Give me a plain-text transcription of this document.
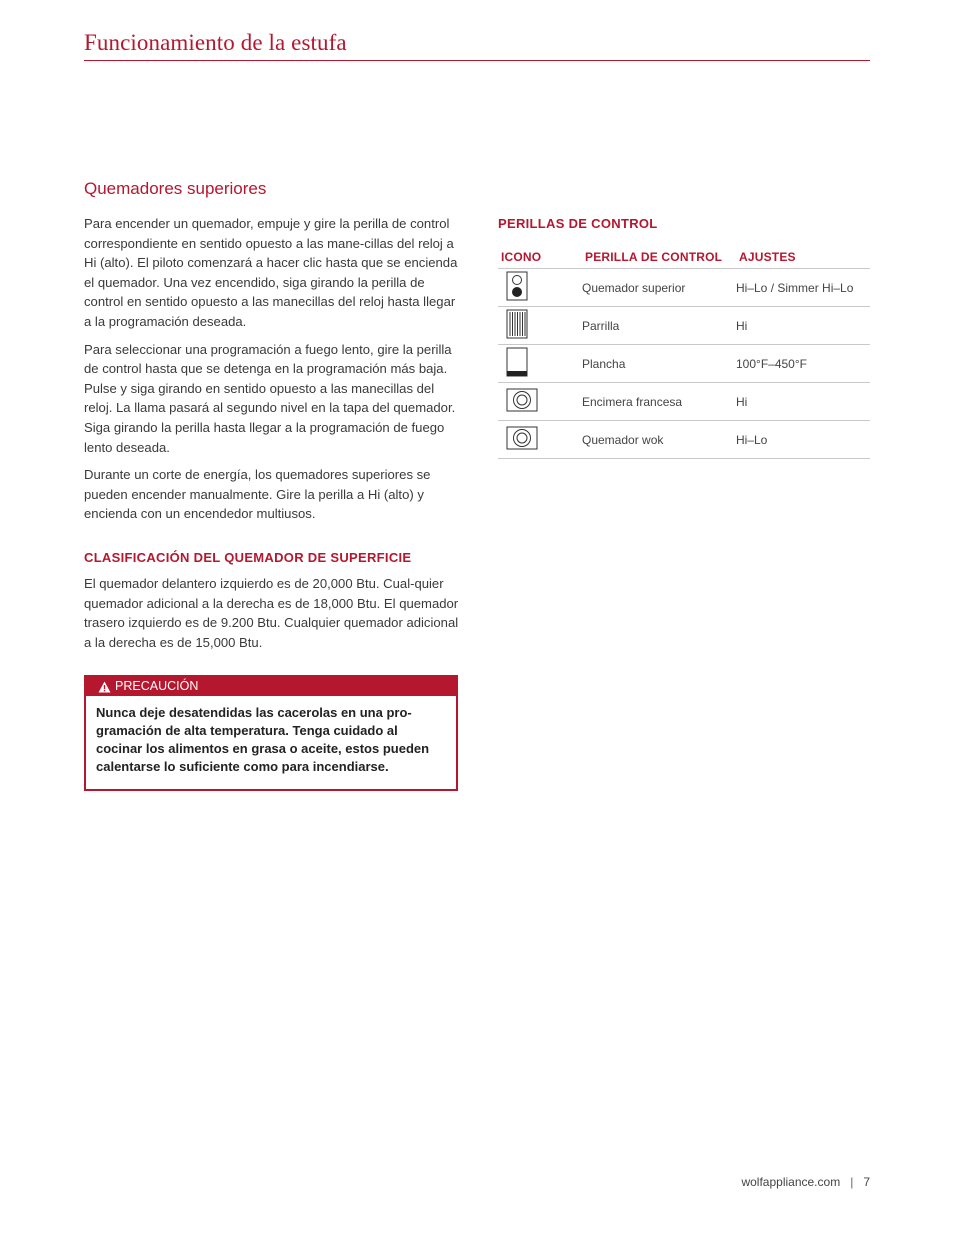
Funcionamiento de la estufa
Quemadores superiores

Para encender un quemador, empuje y gire la perilla de control correspondiente en sentido opuesto a las mane-cillas del reloj a Hi (alto). El piloto comenzará a hacer clic hasta que se encienda el quemador. Una vez encendido, siga girando la perilla de control en sentido opuesto a las manecillas del reloj hasta llegar a la programación deseada.

Para seleccionar una programación a fuego lento, gire la perilla de control hasta que se detenga en la programación más baja. Pulse y siga girando en sentido opuesto a las manecillas del reloj. La llama pasará al segundo nivel en la tapa del quemador. Siga girando la perilla hasta llegar a la programación de fuego lento deseada.

Durante un corte de energía, los quemadores superiores se pueden encender manualmente. Gire la perilla a Hi (alto) y encienda con un encendedor multiusos.

CLASIFICACIÓN DEL QUEMADOR DE SUPERFICIE

El quemador delantero izquierdo es de 20,000 Btu. Cual-quier quemador adicional a la derecha es de 18,000 Btu. El quemador trasero izquierdo es de 9.200 Btu. Cualquier quemador adicional a la derecha es de 15,000 Btu.

PRECAUCIÓN
Nunca deje desatendidas las cacerolas en una pro-gramación de alta temperatura. Tenga cuidado al cocinar los alimentos en grasa o aceite, estos pueden calentarse lo suficiente como para incendiarse.
PERILLAS DE CONTROL
ICONO	PERILLA DE CONTROL	AJUSTES
	Quemador superior	Hi–Lo / Simmer Hi–Lo
	Parrilla	Hi
	Plancha	100°F–450°F
	Encimera francesa	Hi
	Quemador wok	Hi–Lo
wolfappliance.com | 7
